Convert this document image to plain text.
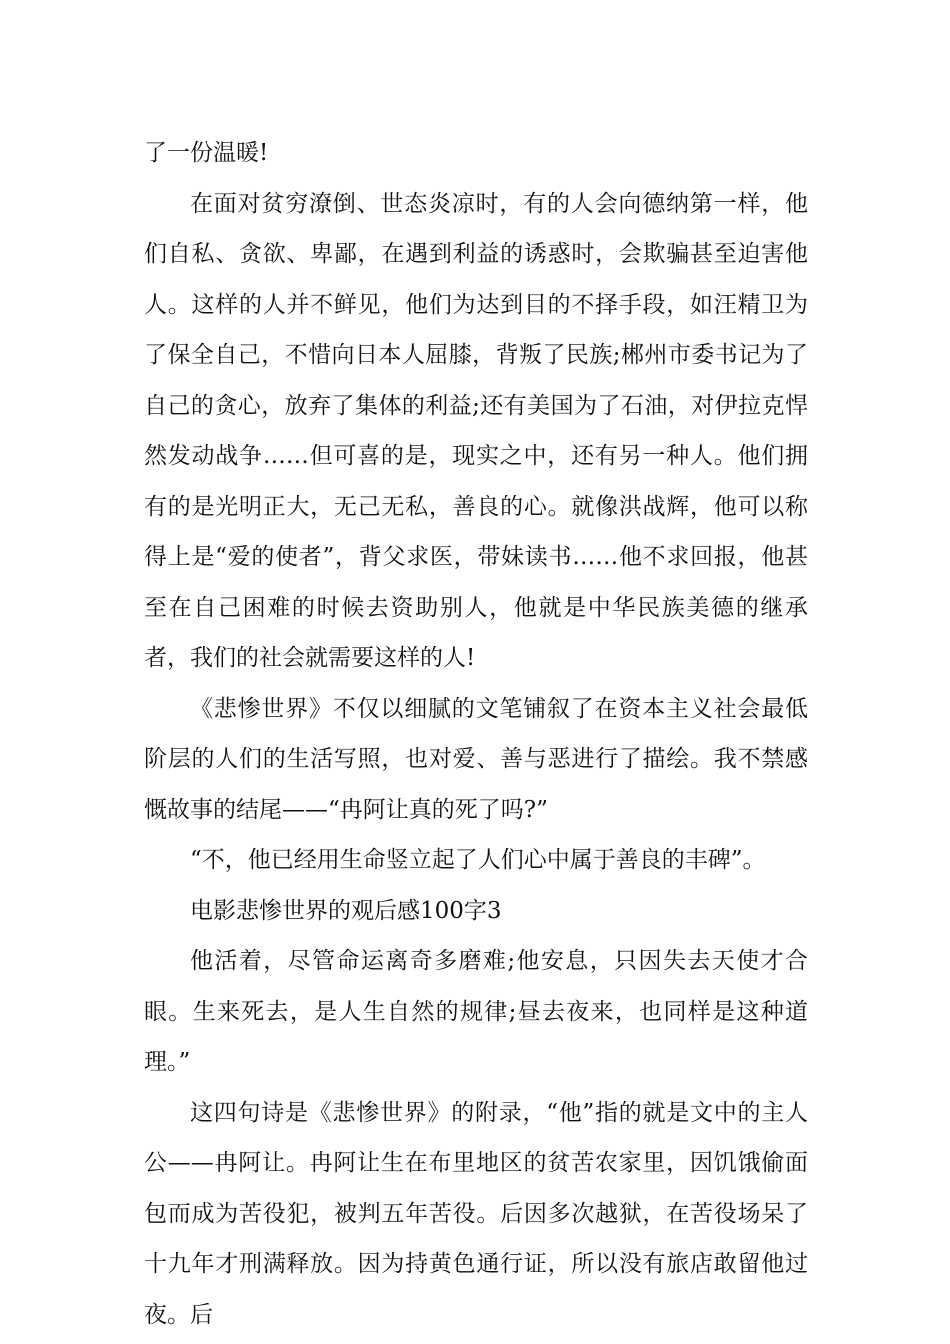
了一份温暖!

在面对贫穷潦倒、世态炎凉时，有的人会向德纳第一样，他们自私、贪欲、卑鄙，在遇到利益的诱惑时，会欺骗甚至迫害他人。这样的人并不鲜见，他们为达到目的不择手段，如汪精卫为了保全自己，不惜向日本人屈膝，背叛了民族;郴州市委书记为了自己的贪心，放弃了集体的利益;还有美国为了石油，对伊拉克悍然发动战争……但可喜的是，现实之中，还有另一种人。他们拥有的是光明正大，无己无私，善良的心。就像洪战辉，他可以称得上是“爱的使者”，背父求医，带妹读书……他不求回报，他甚至在自己困难的时候去资助别人，他就是中华民族美德的继承者，我们的社会就需要这样的人!

《悲惨世界》不仅以细腻的文笔铺叙了在资本主义社会最低阶层的人们的生活写照，也对爱、善与恶进行了描绘。我不禁感慨故事的结尾——“冉阿让真的死了吗?”

“不，他已经用生命竖立起了人们心中属于善良的丰碑”。

电影悲惨世界的观后感100字3

他活着，尽管命运离奇多磨难;他安息，只因失去天使才合眼。生来死去，是人生自然的规律;昼去夜来，也同样是这种道理。”

这四句诗是《悲惨世界》的附录，“他”指的就是文中的主人公——冉阿让。冉阿让生在布里地区的贫苦农家里，因饥饿偷面包而成为苦役犯，被判五年苦役。后因多次越狱，在苦役场呆了十九年才刑满释放。因为持黄色通行证，所以没有旅店敢留他过夜。后
